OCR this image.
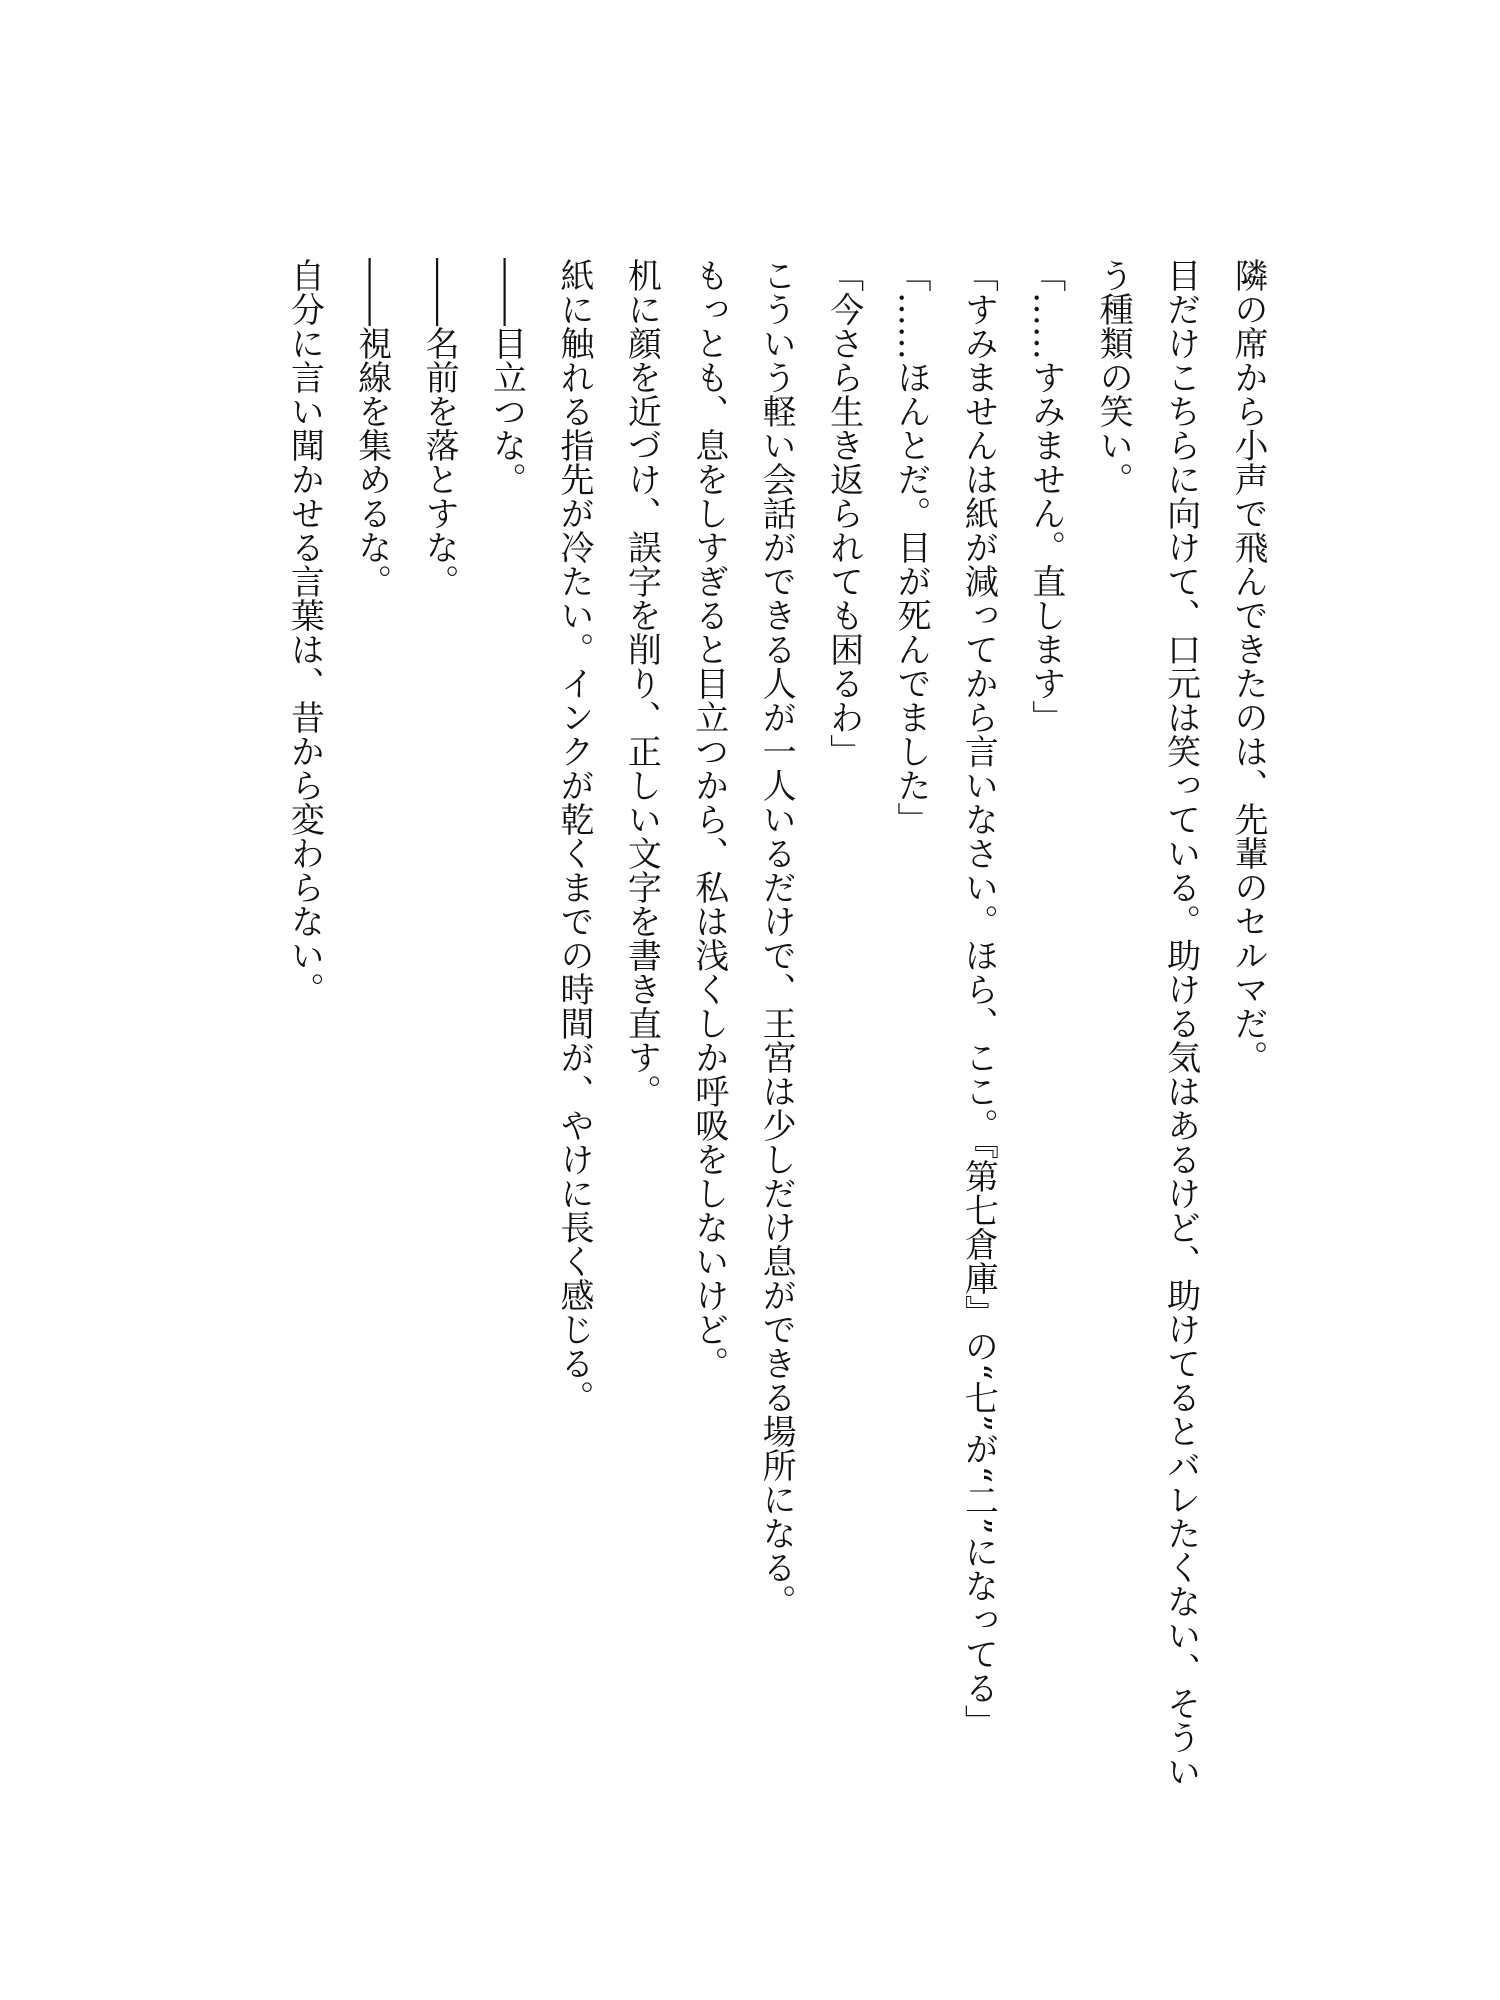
隣の席から小声で飛んできたのは、先輩のセルマだ。

目だけこちらに向けて、口元は笑っている。助ける気はあるけど、助けてるとバレたくない、そういう種類の笑い。

「……すみません。直します」

「すみませんは紙が減ってから言いなさい。ほら、ここ。『第七倉庫』の“七”が“二”になってる」

「……ほんとだ。目が死んでました」

「今さら生き返られても困るわ」

こういう軽い会話ができる人が一人いるだけで、王宮は少しだけ息ができる場所になる。

もっとも、息をしすぎると目立つから、私は浅くしか呼吸をしないけど。

机に顔を近づけ、誤字を削り、正しい文字を書き直す。

紙に触れる指先が冷たい。インクが乾くまでの時間が、やけに長く感じる。

――目立つな。

――名前を落とすな。

――視線を集めるな。

自分に言い聞かせる言葉は、昔から変わらない。
